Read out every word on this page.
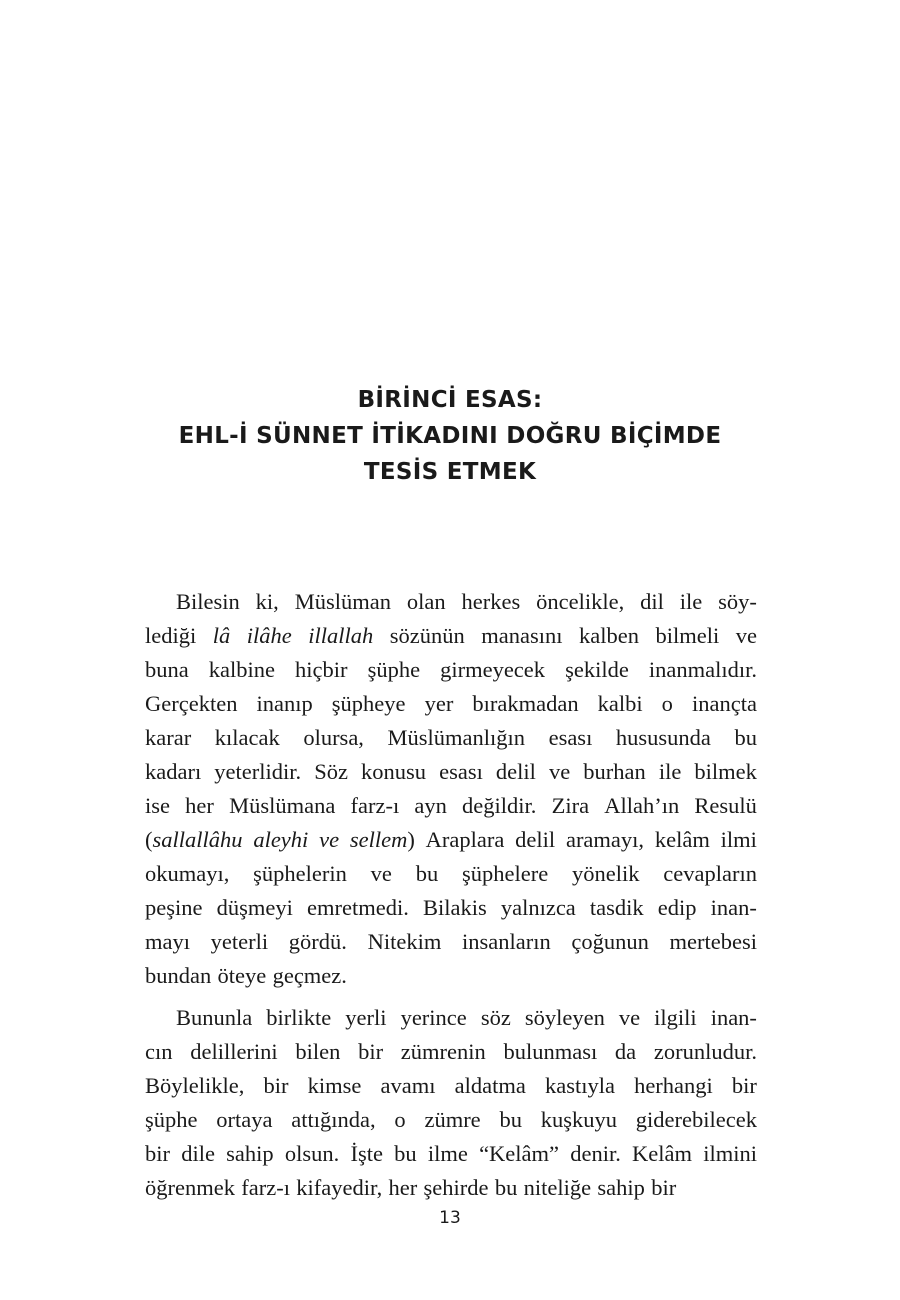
BİRİNCİ ESAS:
EHL-İ SÜNNET İTİKADINI DOĞRU BİÇİMDE
TESİS ETMEK
Bilesin ki, Müslüman olan herkes öncelikle, dil ile söy-
lediği lâ ilâhe illallah sözünün manasını kalben bilmeli ve
buna kalbine hiçbir şüphe girmeyecek şekilde inanmalıdır.
Gerçekten inanıp şüpheye yer bırakmadan kalbi o inançta
karar kılacak olursa, Müslümanlığın esası hususunda bu
kadarı yeterlidir. Söz konusu esası delil ve burhan ile bilmek
ise her Müslümana farz-ı ayn değildir. Zira Allah’ın Resulü
(sallallâhu aleyhi ve sellem) Araplara delil aramayı, kelâm ilmi
okumayı, şüphelerin ve bu şüphelere yönelik cevapların
peşine düşmeyi emretmedi. Bilakis yalnızca tasdik edip inan-
mayı yeterli gördü. Nitekim insanların çoğunun mertebesi
bundan öteye geçmez.
Bununla birlikte yerli yerince söz söyleyen ve ilgili inan-
cın delillerini bilen bir zümrenin bulunması da zorunludur.
Böylelikle, bir kimse avamı aldatma kastıyla herhangi bir
şüphe ortaya attığında, o zümre bu kuşkuyu giderebilecek
bir dile sahip olsun. İşte bu ilme “Kelâm” denir. Kelâm ilmini
öğrenmek farz-ı kifayedir, her şehirde bu niteliğe sahip bir
13
